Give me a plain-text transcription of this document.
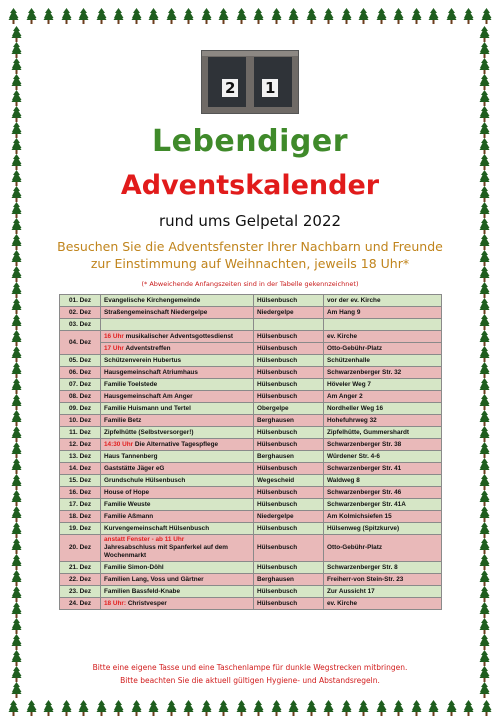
2 1
Lebendiger
Adventskalender
rund ums Gelpetal 2022
Besuchen Sie die Adventsfenster Ihrer Nachbarn und Freunde
zur Einstimmung auf Weihnachten, jeweils 18 Uhr*
(* Abweichende Anfangszeiten sind in der Tabelle gekennzeichnet)
01. Dez	Evangelische Kirchengemeinde	Hülsenbusch	vor der ev. Kirche
02. Dez	Straßengemeinschaft Niedergelpe	Niedergelpe	Am Hang 9
03. Dez			
04. Dez	16 Uhr musikalischer Adventsgottesdienst	Hülsenbusch	ev. Kirche
	17 Uhr Adventstreffen	Hülsenbusch	Otto-Gebühr-Platz
05. Dez	Schützenverein Hubertus	Hülsenbusch	Schützenhalle
06. Dez	Hausgemeinschaft Atriumhaus	Hülsenbusch	Schwarzenberger Str. 32
07. Dez	Familie Toelstede	Hülsenbusch	Höveler Weg 7
08. Dez	Hausgemeinschaft Am Anger	Hülsenbusch	Am Anger 2
09. Dez	Familie Huismann und Tertel	Obergelpe	Nordheller Weg 16
10. Dez	Familie Betz	Berghausen	Hohefuhrweg 32
11. Dez	Zipfelhütte (Selbstversorger!)	Hülsenbusch	Zipfelhütte, Gummershardt
12. Dez	14:30 Uhr Die Alternative Tagespflege	Hülsenbusch	Schwarzenberger Str. 38
13. Dez	Haus Tannenberg	Berghausen	Würdener Str. 4-6
14. Dez	Gaststätte Jäger eG	Hülsenbusch	Schwarzenberger Str. 41
15. Dez	Grundschule Hülsenbusch	Wegescheid	Waldweg 8
16. Dez	House of Hope	Hülsenbusch	Schwarzenberger Str. 46
17. Dez	Familie Weuste	Hülsenbusch	Schwarzenberger Str. 41A
18. Dez	Familie Aßmann	Niedergelpe	Am Kolmichsiefen 15
19. Dez	Kurvengemeinschaft Hülsenbusch	Hülsenbusch	Hülsenweg (Spitzkurve)
20. Dez	anstatt Fenster - ab 11 Uhr
Jahresabschluss mit Spanferkel auf dem Wochenmarkt	Hülsenbusch	Otto-Gebühr-Platz
21. Dez	Familie Simon-Döhl	Hülsenbusch	Schwarzenberger Str. 8
22. Dez	Familien Lang, Voss und Gärtner	Berghausen	Freiherr-von Stein-Str. 23
23. Dez	Familien Bassfeld-Knabe	Hülsenbusch	Zur Aussicht 17
24. Dez	18 Uhr: Christvesper	Hülsenbusch	ev. Kirche
Bitte eine eigene Tasse und eine Taschenlampe für dunkle Wegstrecken mitbringen.
Bitte beachten Sie die aktuell gültigen Hygiene- und Abstandsregeln.
